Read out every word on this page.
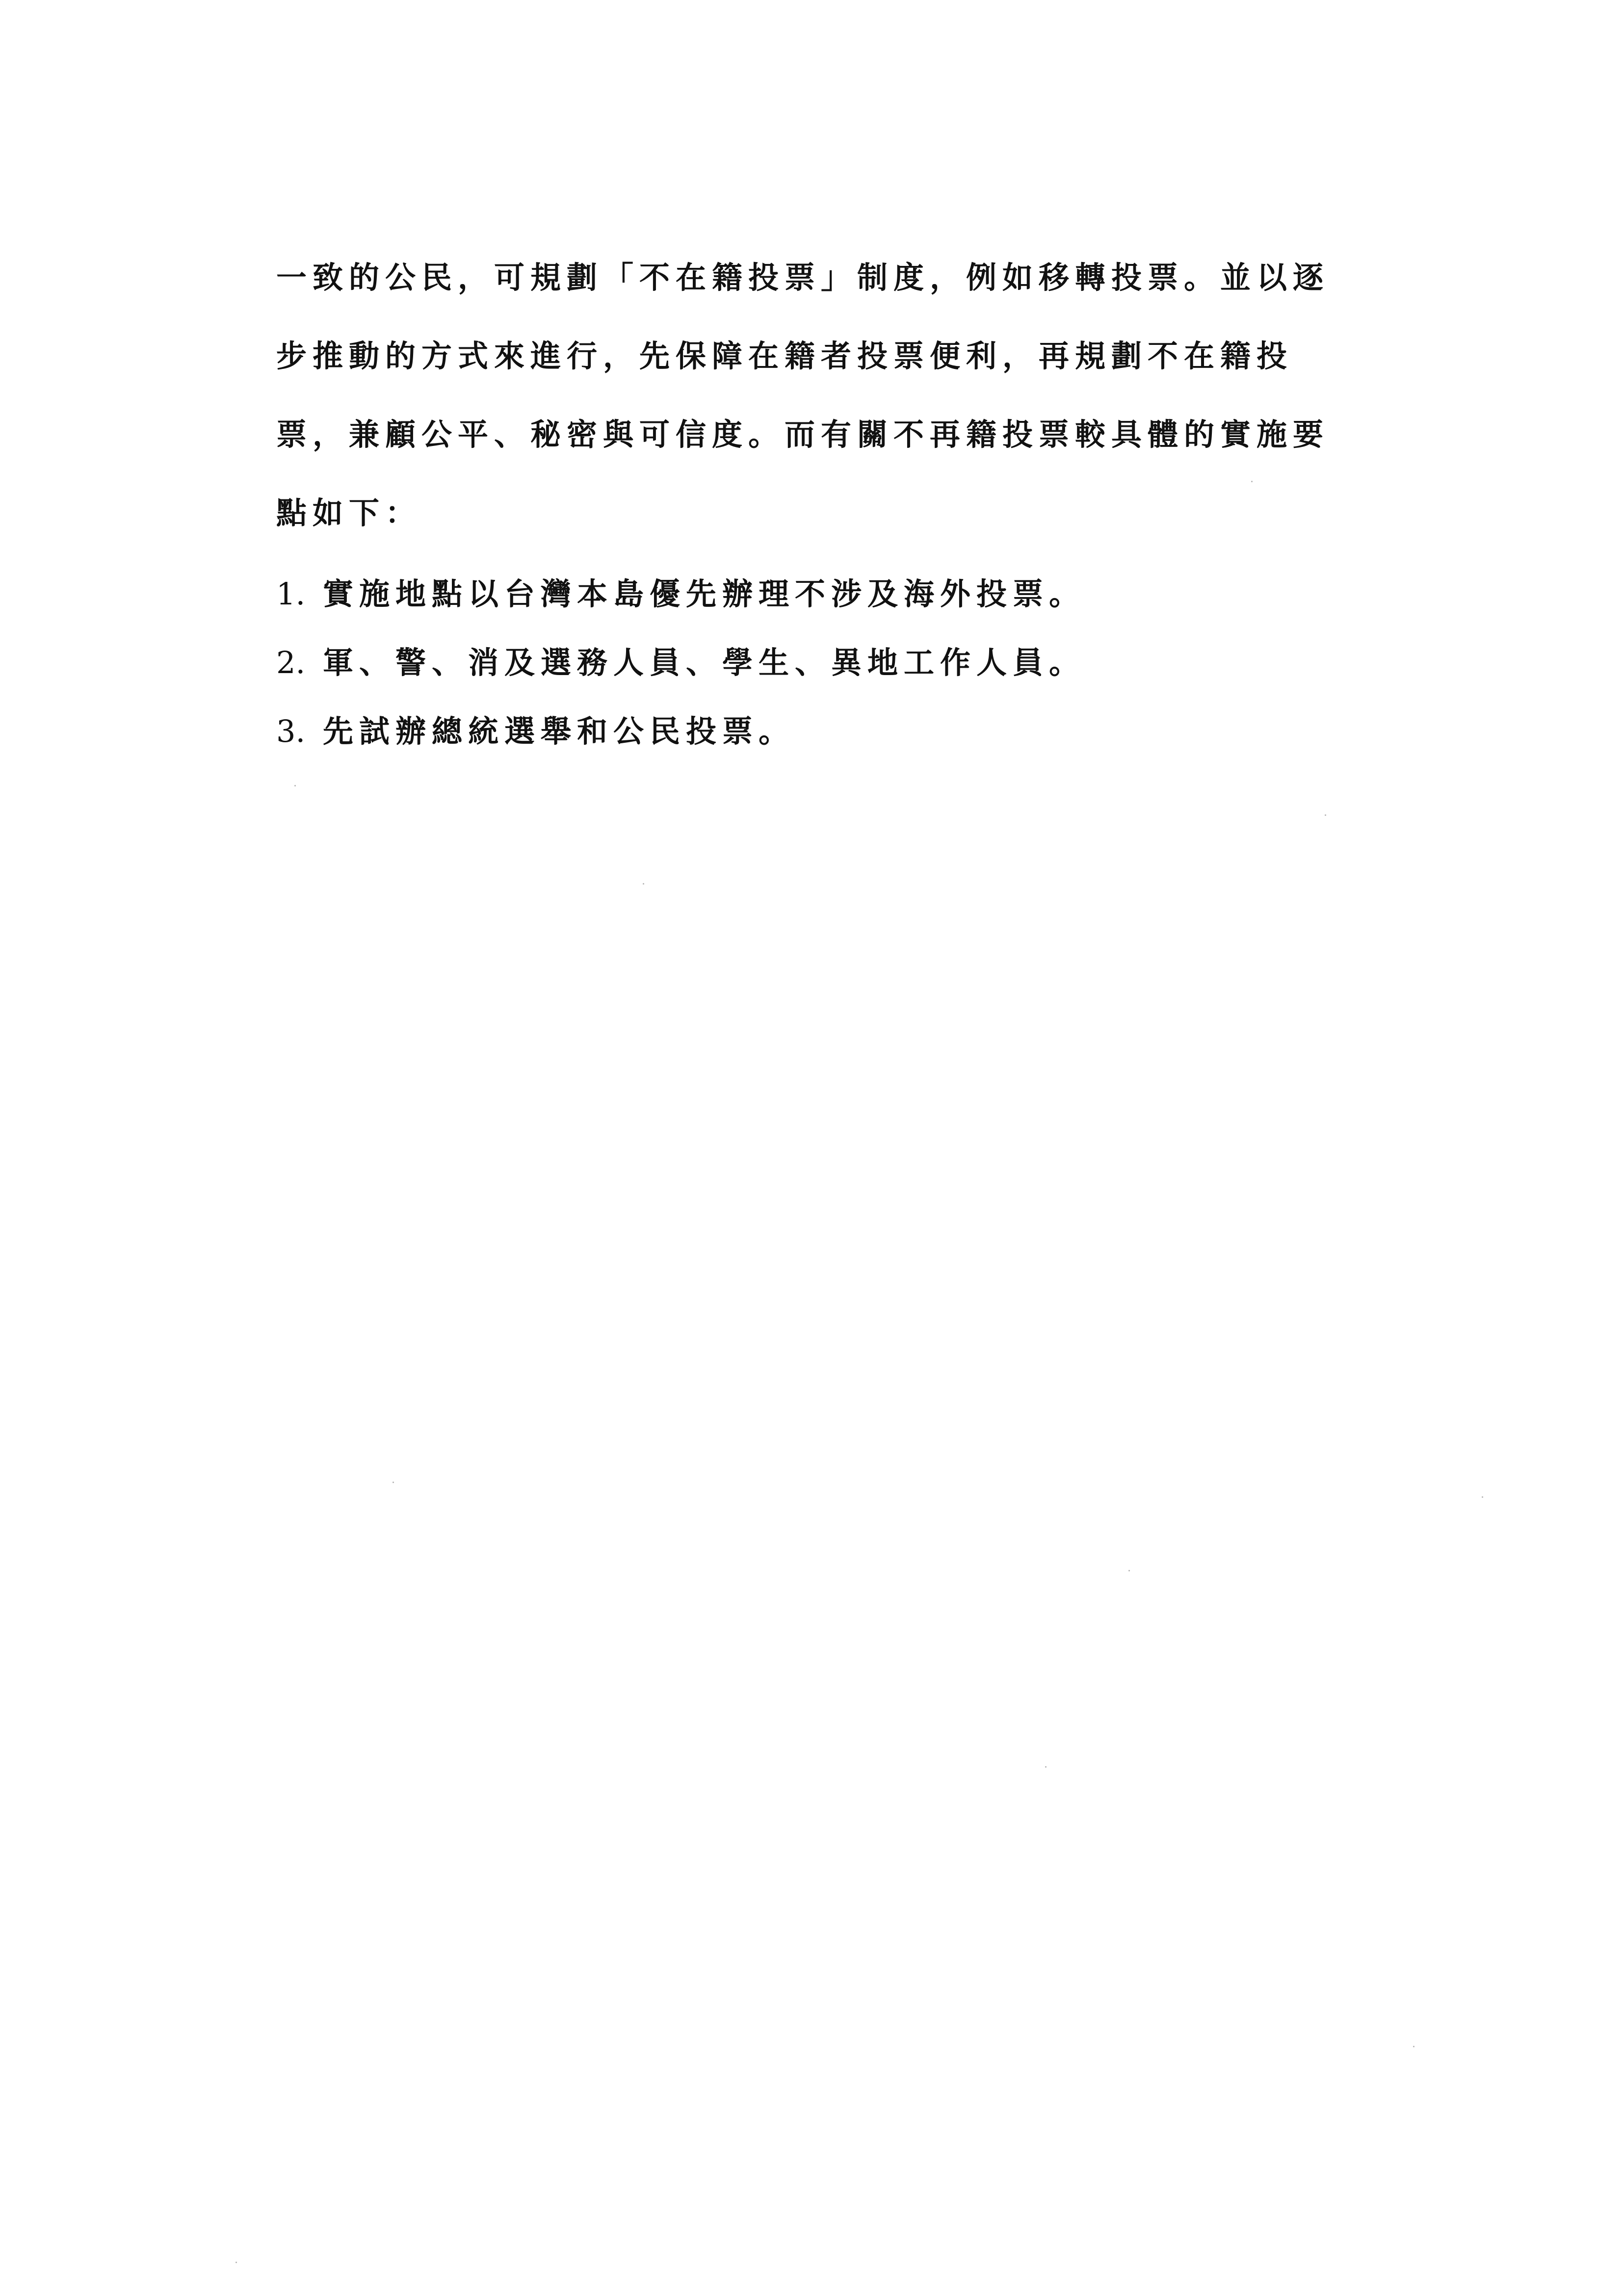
一致的公民，可規劃「不在籍投票」制度，例如移轉投票。並以逐
步推動的方式來進行，先保障在籍者投票便利，再規劃不在籍投
票，兼顧公平、秘密與可信度。而有關不再籍投票較具體的實施要
點如下：
1. 實施地點以台灣本島優先辦理不涉及海外投票。
2. 軍、警、消及選務人員、學生、異地工作人員。
3. 先試辦總統選舉和公民投票。
